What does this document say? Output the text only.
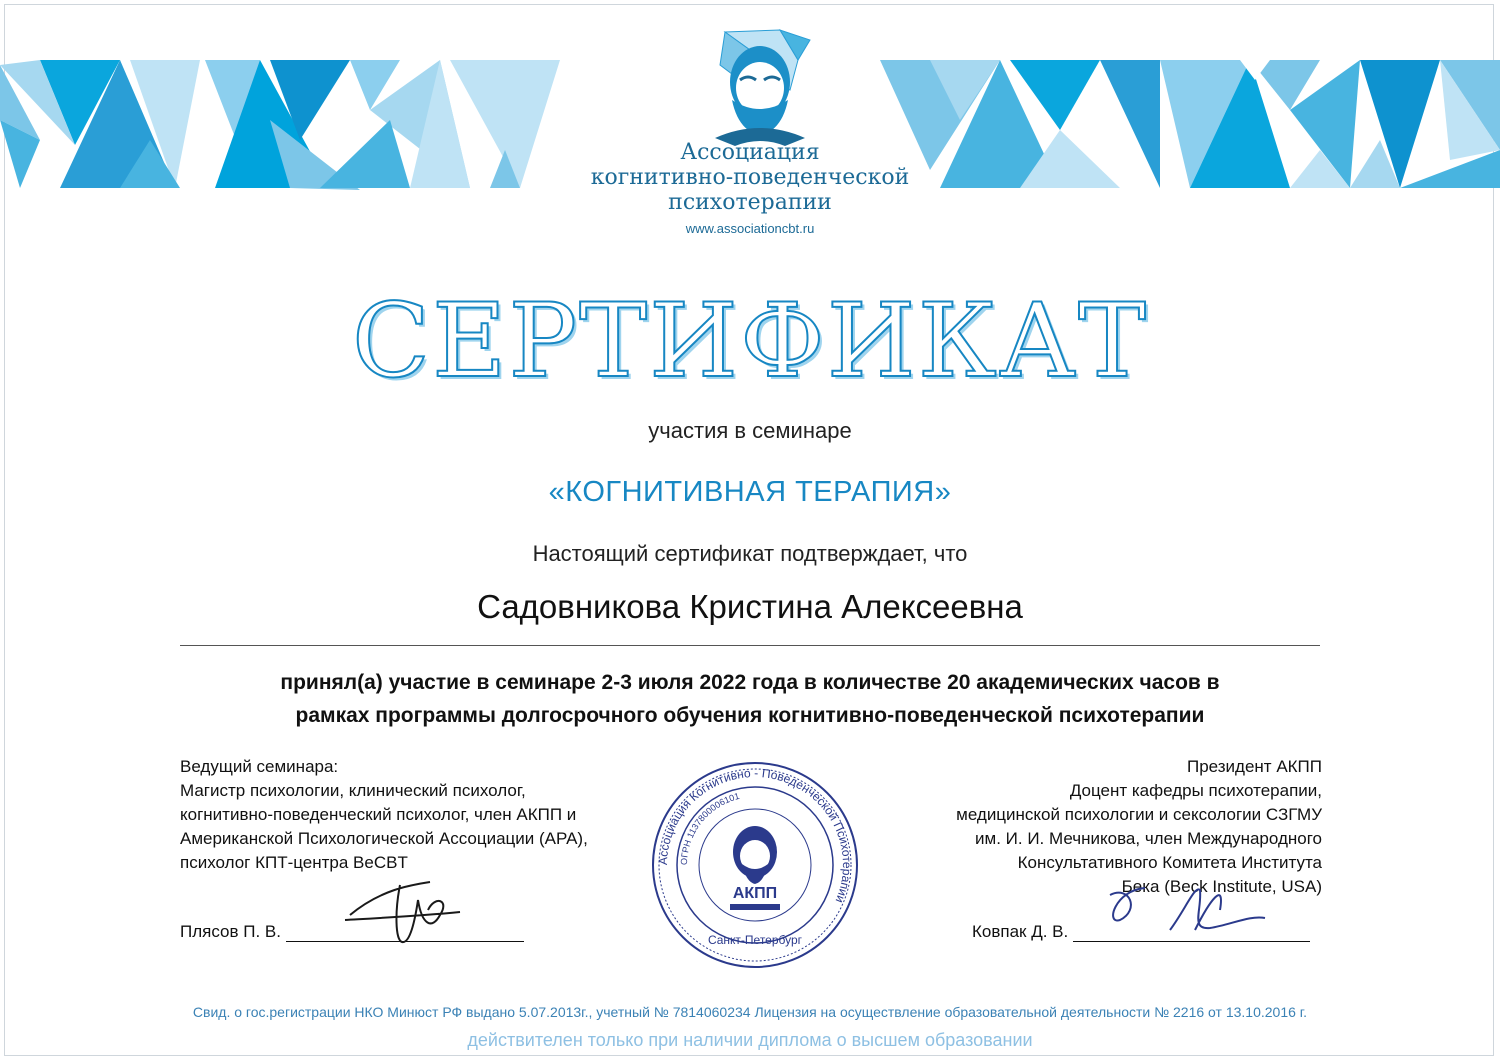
Ассоциация
когнитивно-поведенческой
психотерапии
www.associationcbt.ru
СЕРТИФИКАТ
участия в семинаре
«КОГНИТИВНАЯ ТЕРАПИЯ»
Настоящий сертификат подтверждает, что
Садовникова Кристина Алексеевна
принял(а) участие в семинаре 2-3 июля 2022 года в количестве 20 академических часов в
рамках программы долгосрочного обучения когнитивно-поведенческой психотерапии
Ведущий семинара:
Магистр психологии, клинический психолог,
когнитивно-поведенческий психолог, член АКПП и
Американской Психологической Ассоциации (APA),
психолог КПТ-центра BeCBT
Президент АКПП
Доцент кафедры психотерапии,
медицинской психологии и сексологии СЗГМУ
им. И. И. Мечникова, член Международного
Консультативного Комитета Института
Бека (Beck Institute, USA)
Плясов П. В.	Ковпак Д. В.
Ассоциация Когнитивно - Поведенческой Психотерапии
ОГРН 1137800006101
АКПП
Санкт-Петербург
Свид. о гос.регистрации НКО Минюст РФ выдано 5.07.2013г., учетный № 7814060234 Лицензия на осуществление образовательной деятельности № 2216 от 13.10.2016 г.
действителен только при наличии диплома о высшем образовании
